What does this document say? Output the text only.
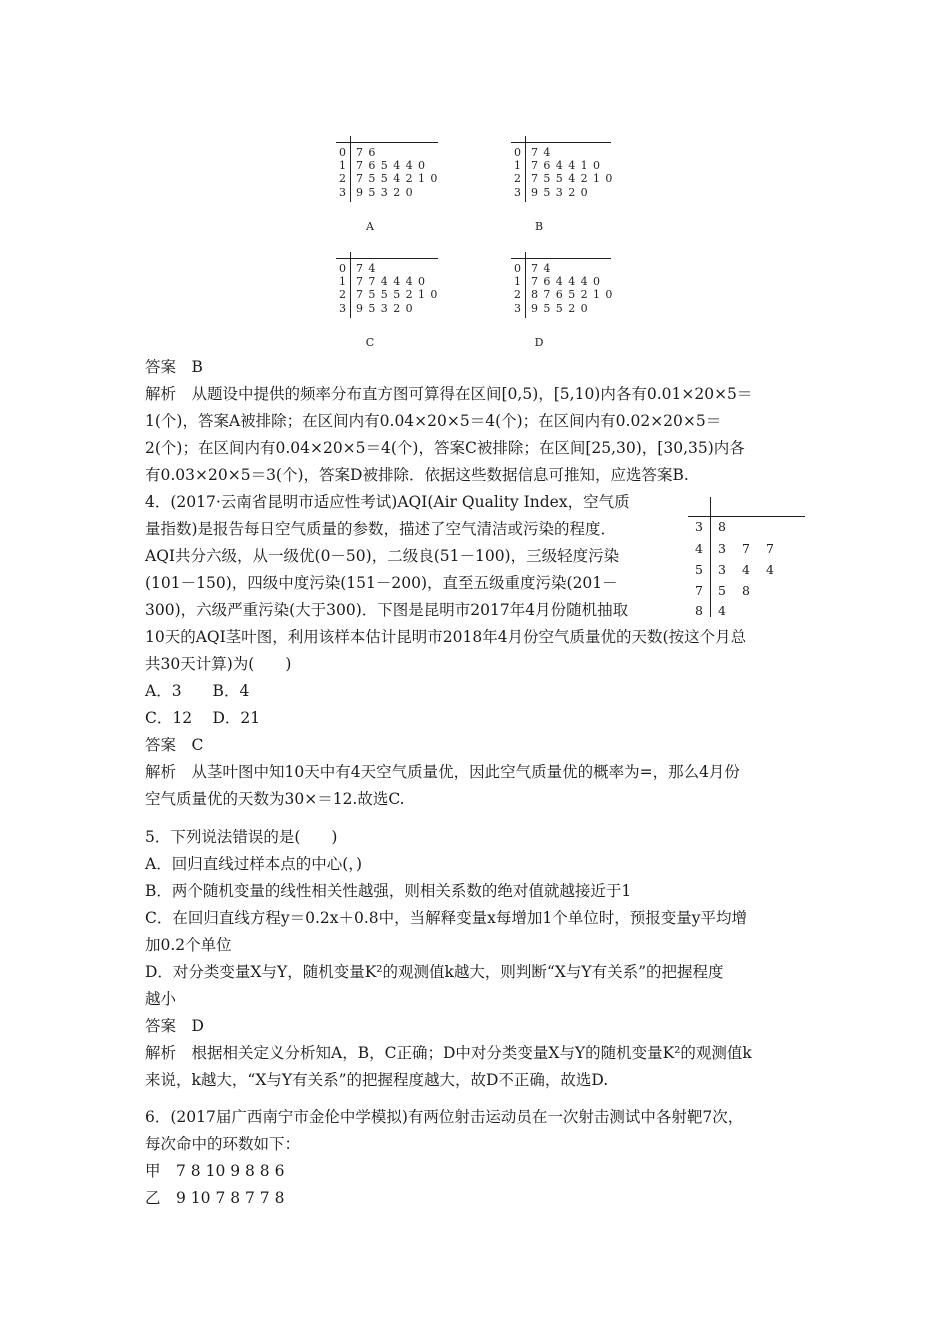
0
1
2
3
76
765440
7554210
95320
A
0
1
2
3
74
764410
7554210
95320
B
0
1
2
3
74
774440
7555210
95320
C
0
1
2
3
74
764440
8765210
95520
D
答案　B
解析　从题设中提供的频率分布直方图可算得在区间[0,5)，[5,10)内各有0.01×20×5＝
1(个)，答案A被排除；在区间内有0.04×20×5＝4(个)；在区间内有0.02×20×5＝
2(个)；在区间内有0.04×20×5＝4(个)，答案C被排除；在区间[25,30)，[30,35)内各
有0.03×20×5＝3(个)，答案D被排除．依据这些数据信息可推知，应选答案B.
4．(2017·云南省昆明市适应性考试)AQI(Air Quality Index，空气质
量指数)是报告每日空气质量的参数，描述了空气清洁或污染的程度．
AQI共分六级，从一级优(0－50)，二级良(51－100)，三级轻度污染
(101－150)，四级中度污染(151－200)，直至五级重度污染(201－
300)，六级严重污染(大于300)．下图是昆明市2017年4月份随机抽取
10天的AQI茎叶图，利用该样本估计昆明市2018年4月份空气质量优的天数(按这个月总
共30天计算)为(　　)
A．3　　B．4
C．12　 D．21
答案　C
解析　从茎叶图中知10天中有4天空气质量优，因此空气质量优的概率为=，那么4月份
空气质量优的天数为30×＝12.故选C.
3 8
4 3 7 7
5 3 4 4
7 5 8
8 4
5．下列说法错误的是(　　)
A．回归直线过样本点的中心(，)
B．两个随机变量的线性相关性越强，则相关系数的绝对值就越接近于1
C．在回归直线方程y＝0.2x＋0.8中，当解释变量x每增加1个单位时，预报变量y平均增
加0.2个单位
D．对分类变量X与Y，随机变量K²的观测值k越大，则判断“X与Y有关系”的把握程度
越小
答案　D
解析　根据相关定义分析知A，B，C正确；D中对分类变量X与Y的随机变量K²的观测值k
来说，k越大，“X与Y有关系”的把握程度越大，故D不正确，故选D.
6．(2017届广西南宁市金伦中学模拟)有两位射击运动员在一次射击测试中各射靶7次，
每次命中的环数如下：
甲　7 8 10 9 8 8 6
乙　9 10 7 8 7 7 8
